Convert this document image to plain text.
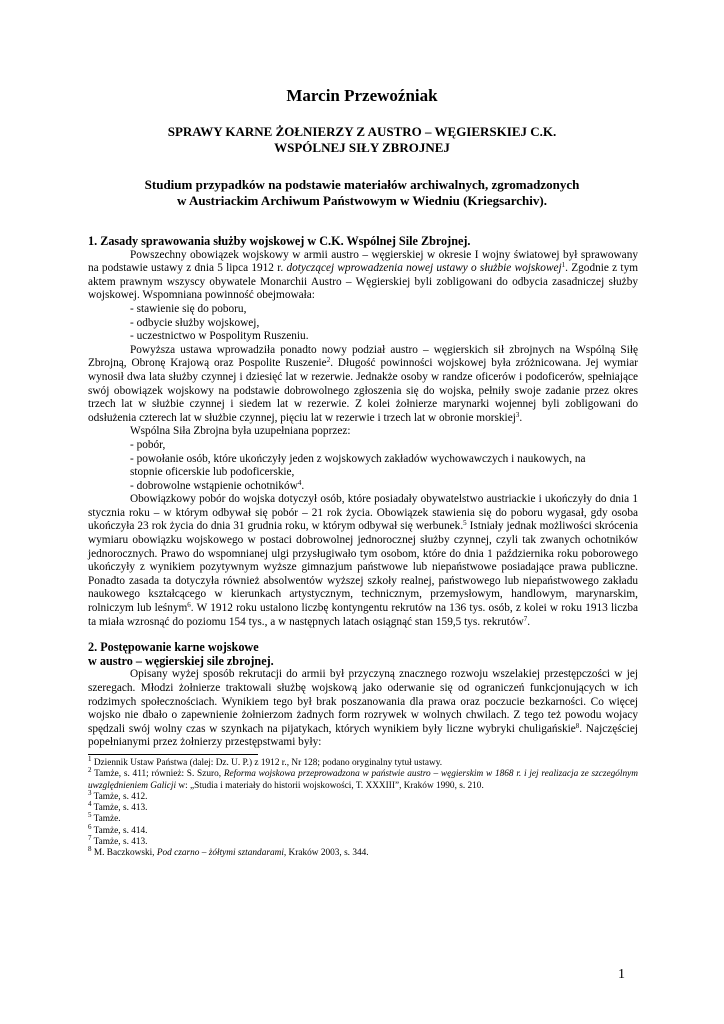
Marcin Przewoźniak
SPRAWY KARNE ŻOŁNIERZY Z AUSTRO – WĘGIERSKIEJ C.K.
WSPÓLNEJ SIŁY ZBROJNEJ
Studium przypadków na podstawie materiałów archiwalnych, zgromadzonych
w Austriackim Archiwum Państwowym w Wiedniu (Kriegsarchiv).

1. Zasady sprawowania służby wojskowej w C.K. Wspólnej Sile Zbrojnej.

Powszechny obowiązek wojskowy w armii austro – węgierskiej w okresie I wojny światowej był sprawowany na podstawie ustawy z dnia 5 lipca 1912 r. dotyczącej wprowadzenia nowej ustawy o służbie wojskowej$^1$. Zgodnie z tym aktem prawnym wszyscy obywatele Monarchii Austro – Węgierskiej byli zobligowani do odbycia zasadniczej służby wojskowej. Wspomniana powinność obejmowała:

- stawienie się do poboru,

- odbycie służby wojskowej,

- uczestnictwo w Pospolitym Ruszeniu.

Powyższa ustawa wprowadziła ponadto nowy podział austro – węgierskich sił zbrojnych na Wspólną Siłę Zbrojną, Obronę Krajową oraz Pospolite Ruszenie$^2$. Długość powinności wojskowej była zróżnicowana. Jej wymiar wynosił dwa lata służby czynnej i dziesięć lat w rezerwie. Jednakże osoby w randze oficerów i podoficerów, spełniające swój obowiązek wojskowy na podstawie dobrowolnego zgłoszenia się do wojska, pełniły swoje zadanie przez okres trzech lat w służbie czynnej i siedem lat w rezerwie. Z kolei żołnierze marynarki wojennej byli zobligowani do odsłużenia czterech lat w służbie czynnej, pięciu lat w rezerwie i trzech lat w obronie morskiej$^3$.

Wspólna Siła Zbrojna była uzupełniana poprzez:

- pobór,

- powołanie osób, które ukończyły jeden z wojskowych zakładów wychowawczych i naukowych, na

stopnie oficerskie lub podoficerskie,

- dobrowolne wstąpienie ochotników$^4$.

Obowiązkowy pobór do wojska dotyczył osób, które posiadały obywatelstwo austriackie i ukończyły do dnia 1 stycznia roku – w którym odbywał się pobór – 21 rok życia. Obowiązek stawienia się do poboru wygasał, gdy osoba ukończyła 23 rok życia do dnia 31 grudnia roku, w którym odbywał się werbunek.$^5$ Istniały jednak możliwości skrócenia wymiaru obowiązku wojskowego w postaci dobrowolnej jednorocznej służby czynnej, czyli tak zwanych ochotników jednorocznych. Prawo do wspomnianej ulgi przysługiwało tym osobom, które do dnia 1 października roku poborowego ukończyły z wynikiem pozytywnym wyższe gimnazjum państwowe lub niepaństwowe posiadające prawa publiczne. Ponadto zasada ta dotyczyła również absolwentów wyższej szkoły realnej, państwowego lub niepaństwowego zakładu naukowego kształcącego w kierunkach artystycznym, technicznym, przemysłowym, handlowym, marynarskim, rolniczym lub leśnym$^6$. W 1912 roku ustalono liczbę kontyngentu rekrutów na 136 tys. osób, z kolei w roku 1913 liczba ta miała wzrosnąć do poziomu 154 tys., a w następnych latach osiągnąć stan 159,5 tys. rekrutów$^7$.

2. Postępowanie karne wojskowe
w austro – węgierskiej sile zbrojnej.

Opisany wyżej sposób rekrutacji do armii był przyczyną znacznego rozwoju wszelakiej przestępczości w jej szeregach. Młodzi żołnierze traktowali służbę wojskową jako oderwanie się od ograniczeń funkcjonujących w ich rodzimych społecznościach. Wynikiem tego był brak poszanowania dla prawa oraz poczucie bezkarności. Co więcej wojsko nie dbało o zapewnienie żołnierzom żadnych form rozrywek w wolnych chwilach. Z tego też powodu wojacy spędzali swój wolny czas w szynkach na pijatykach, których wynikiem były liczne wybryki chuligańskie$^8$. Najczęściej popełnianymi przez żołnierzy przestępstwami były:

$^1$ Dziennik Ustaw Państwa (dalej: Dz. U. P.) z 1912 r., Nr 128; podano oryginalny tytuł ustawy.

$^2$ Tamże, s. 411; również: S. Szuro, Reforma wojskowa przeprowadzona w państwie austro – węgierskim w 1868 r. i jej realizacja ze szczególnym uwzględnieniem Galicji w: „Studia i materiały do historii wojskowości, T. XXXIII”, Kraków 1990, s. 210.

$^3$ Tamże, s. 412.

$^4$ Tamże, s. 413.

$^5$ Tamże.

$^6$ Tamże, s. 414.

$^7$ Tamże, s. 413.

$^8$ M. Baczkowski, Pod czarno – żółtymi sztandarami, Kraków 2003, s. 344.

1
